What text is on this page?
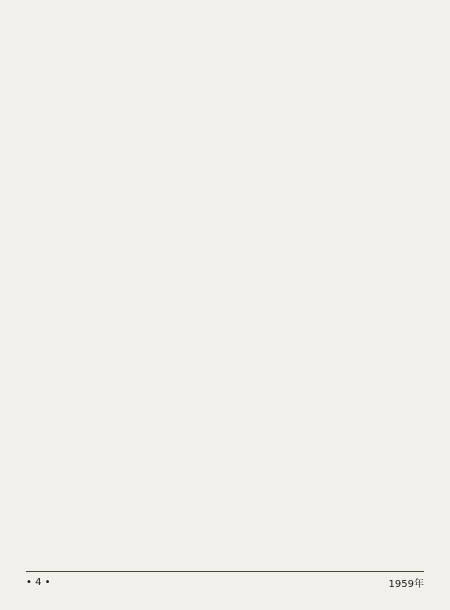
• 4 •	1959年
